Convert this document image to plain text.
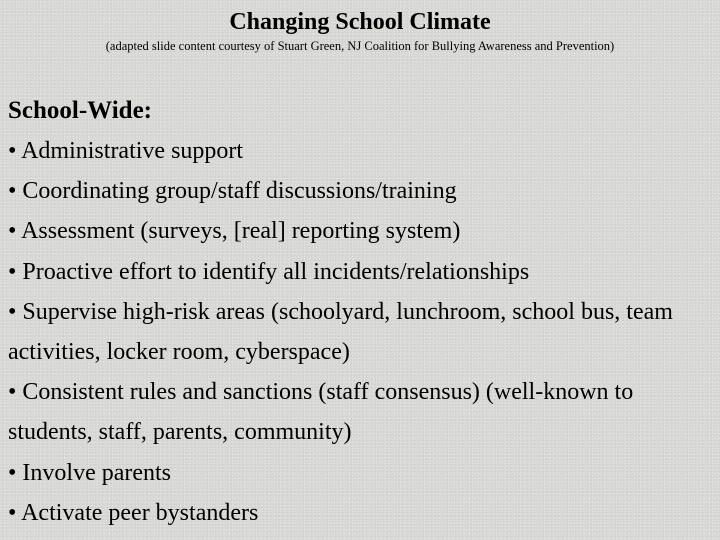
Changing School Climate
(adapted slide content courtesy of Stuart Green, NJ Coalition for Bullying Awareness and Prevention)
School-Wide:
• Administrative support
• Coordinating group/staff discussions/training
• Assessment (surveys, [real] reporting system)
• Proactive effort to identify all incidents/relationships
• Supervise high-risk areas (schoolyard, lunchroom, school bus, team activities, locker room, cyberspace)
• Consistent rules and sanctions (staff consensus) (well-known to students, staff, parents, community)
• Involve parents
• Activate peer bystanders
